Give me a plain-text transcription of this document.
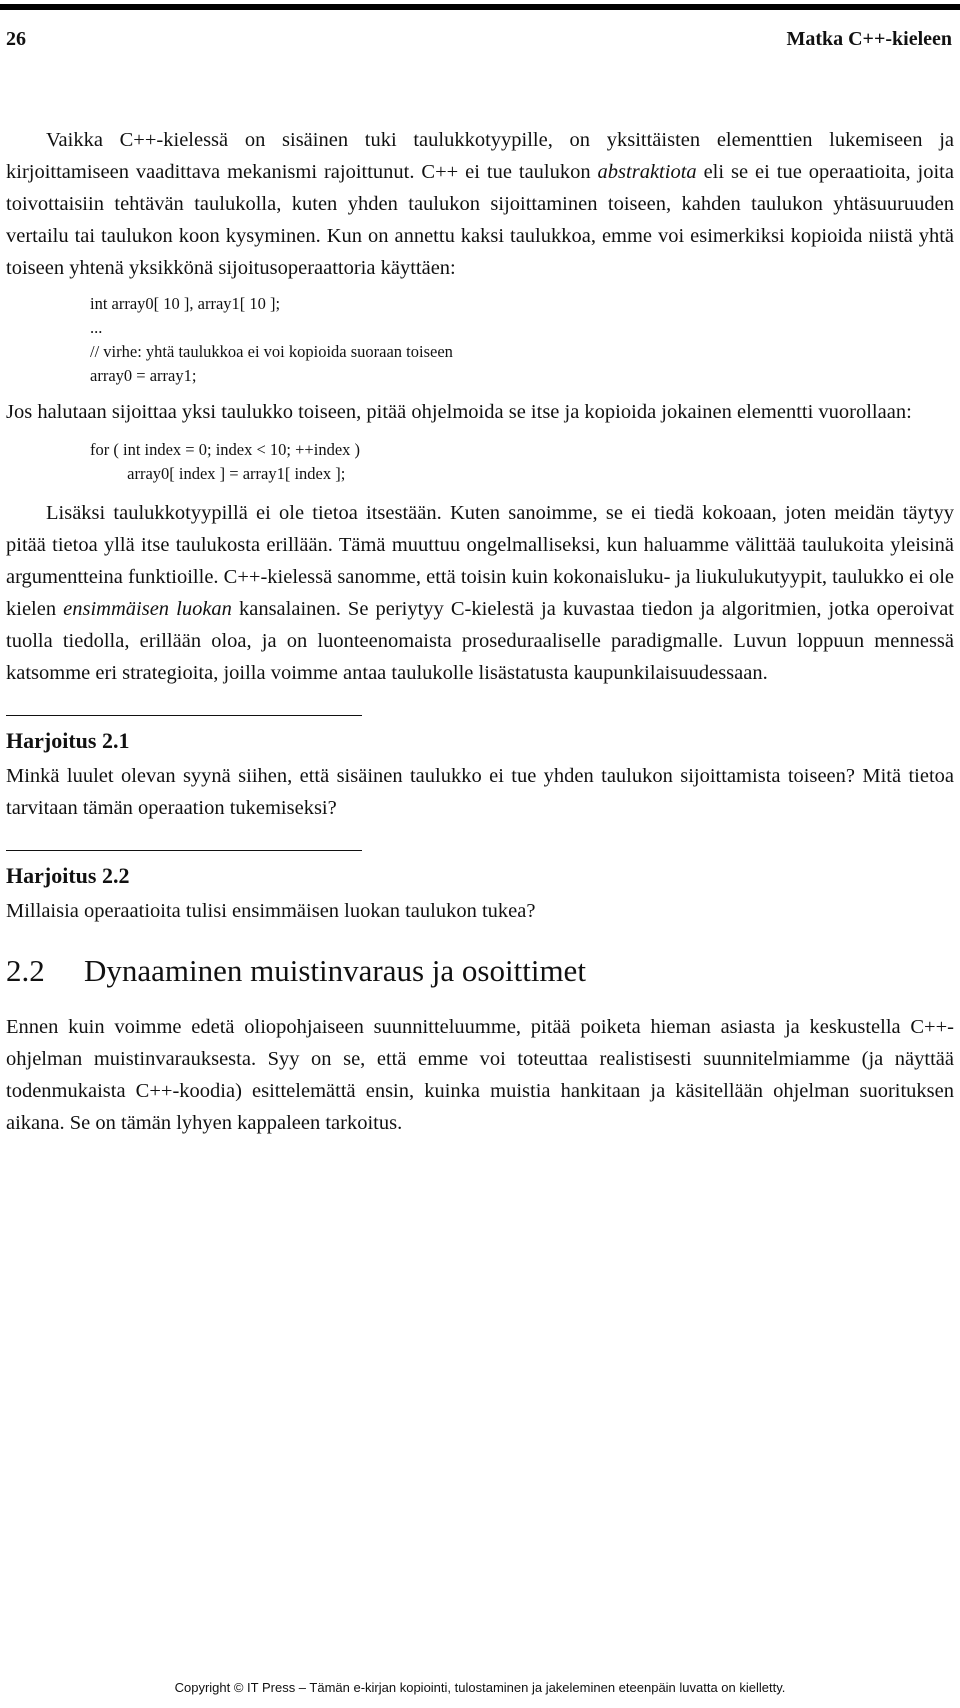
26	Matka C++-kieleen

Vaikka C++-kielessä on sisäinen tuki taulukkotyypille, on yksittäisten elementtien lukemiseen ja kirjoittamiseen vaadittava mekanismi rajoittunut. C++ ei tue taulukon abstraktiota eli se ei tue operaatioita, joita toivottaisiin tehtävän taulukolla, kuten yhden taulukon sijoittaminen toiseen, kahden taulukon yhtäsuuruuden vertailu tai taulukon koon kysyminen. Kun on annettu kaksi taulukkoa, emme voi esimerkiksi kopioida niistä yhtä toiseen yhtenä yksikkönä sijoitusoperaattoria käyttäen:

int array0[ 10 ], array1[ 10 ];
...
// virhe: yhtä taulukkoa ei voi kopioida suoraan toiseen
array0 = array1;

Jos halutaan sijoittaa yksi taulukko toiseen, pitää ohjelmoida se itse ja kopioida jokainen elementti vuorollaan:

for ( int index = 0; index < 10; ++index )
array0[ index ] = array1[ index ];

Lisäksi taulukkotyypillä ei ole tietoa itsestään. Kuten sanoimme, se ei tiedä kokoaan, joten meidän täytyy pitää tietoa yllä itse taulukosta erillään. Tämä muuttuu ongelmalliseksi, kun haluamme välittää taulukoita yleisinä argumentteina funktioille. C++-kielessä sanomme, että toisin kuin kokonaisluku- ja liukulukutyypit, taulukko ei ole kielen ensimmäisen luokan kansalainen. Se periytyy C-kielestä ja kuvastaa tiedon ja algoritmien, jotka operoivat tuolla tiedolla, erillään oloa, ja on luonteenomaista proseduraaliselle paradigmalle. Luvun loppuun mennessä katsomme eri strategioita, joilla voimme antaa taulukolle lisästatusta kaupunkilaisuudessaan.

Harjoitus 2.1

Minkä luulet olevan syynä siihen, että sisäinen taulukko ei tue yhden taulukon sijoittamista toiseen? Mitä tietoa tarvitaan tämän operaation tukemiseksi?

Harjoitus 2.2

Millaisia operaatioita tulisi ensimmäisen luokan taulukon tukea?

2.2	Dynaaminen muistinvaraus ja osoittimet

Ennen kuin voimme edetä oliopohjaiseen suunnitteluumme, pitää poiketa hieman asiasta ja keskustella C++-ohjelman muistinvarauksesta. Syy on se, että emme voi toteuttaa realistisesti suunnitelmiamme (ja näyttää todenmukaista C++-koodia) esittelemättä ensin, kuinka muistia hankitaan ja käsitellään ohjelman suorituksen aikana. Se on tämän lyhyen kappaleen tarkoitus.

Copyright © IT Press – Tämän e-kirjan kopiointi, tulostaminen ja jakeleminen eteenpäin luvatta on kielletty.
